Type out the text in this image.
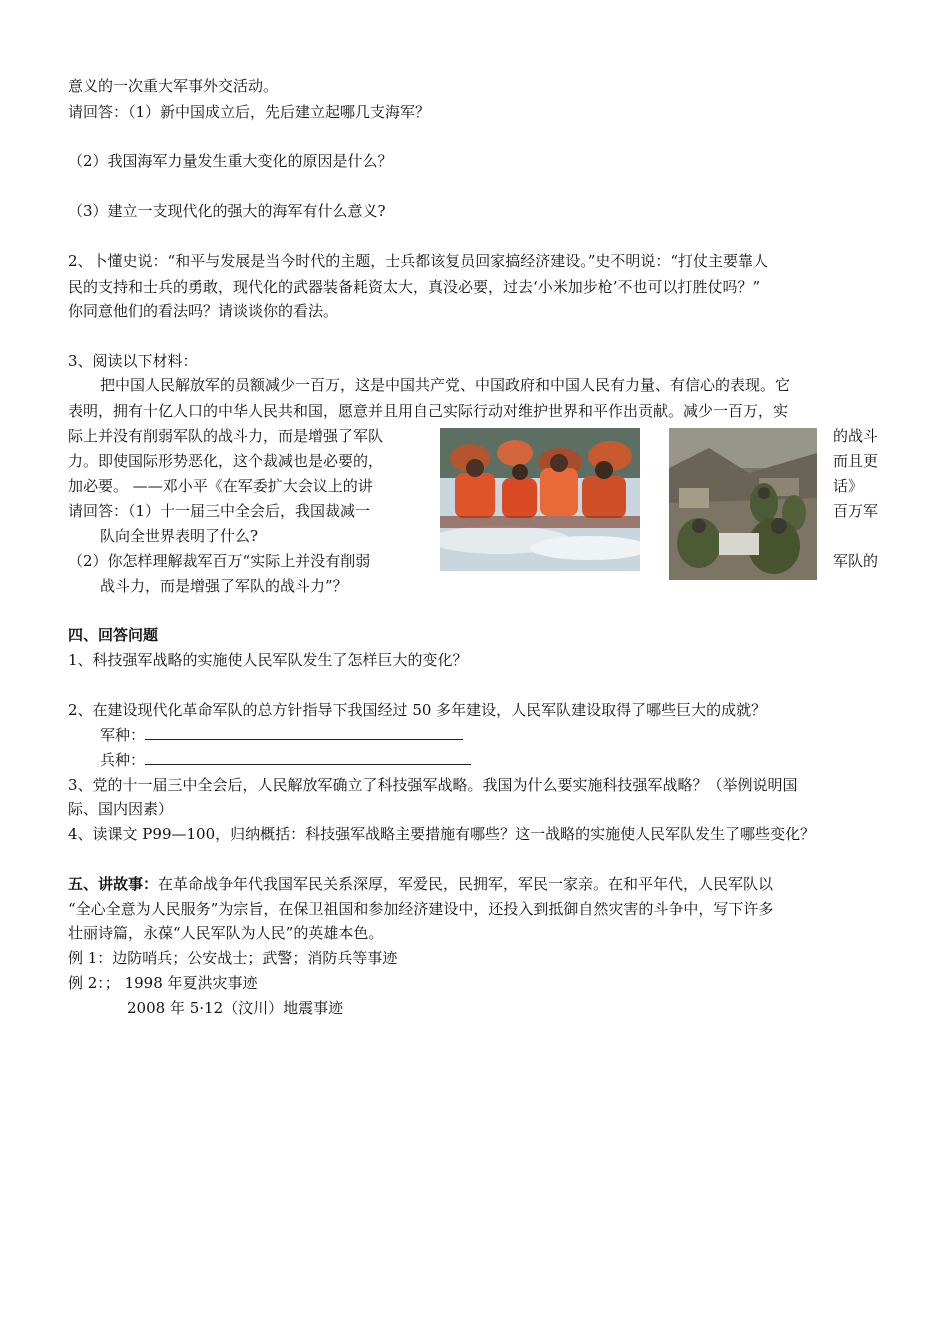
意义的一次重大军事外交活动。
请回答：（1）新中国成立后，先后建立起哪几支海军？
（2）我国海军力量发生重大变化的原因是什么？
（3）建立一支现代化的强大的海军有什么意义?
2、卜懂史说：“和平与发展是当今时代的主题，士兵都该复员回家搞经济建设。”史不明说：“打仗主要靠人
民的支持和士兵的勇敢，现代化的武器装备耗资太大，真没必要，过去‘小米加步枪’不也可以打胜仗吗？”
你同意他们的看法吗？请谈谈你的看法。
3、阅读以下材料：
把中国人民解放军的员额减少一百万，这是中国共产党、中国政府和中国人民有力量、有信心的表现。它
表明，拥有十亿人口的中华人民共和国，愿意并且用自己实际行动对维护世界和平作出贡献。减少一百万，实
际上并没有削弱军队的战斗力，而是增强了军队	的战斗
力。即使国际形势恶化，这个裁减也是必要的，	而且更
加必要。 ——邓小平《在军委扩大会议上的讲	话》
请回答：（1）十一届三中全会后，我国裁减一	百万军
队向全世界表明了什么?
（2）你怎样理解裁军百万“实际上并没有削弱	军队的
战斗力，而是增强了军队的战斗力”？
四、回答问题
1、科技强军战略的实施使人民军队发生了怎样巨大的变化？
2、在建设现代化革命军队的总方针指导下我国经过 50 多年建设，人民军队建设取得了哪些巨大的成就？
军种：
兵种：
3、党的十一届三中全会后，人民解放军确立了科技强军战略。我国为什么要实施科技强军战略？（举例说明国
际、国内因素）
4、读课文 P99—100，归纳概括：科技强军战略主要措施有哪些？这一战略的实施使人民军队发生了哪些变化？
五、讲故事：在革命战争年代我国军民关系深厚，军爱民，民拥军，军民一家亲。在和平年代，人民军队以
“全心全意为人民服务”为宗旨，在保卫祖国和参加经济建设中，还投入到抵御自然灾害的斗争中，写下许多
壮丽诗篇，永葆“人民军队为人民”的英雄本色。
例 1：边防哨兵；公安战士；武警；消防兵等事迹
例 2：； 1998 年夏洪灾事迹
2008 年 5·12（汶川）地震事迹
